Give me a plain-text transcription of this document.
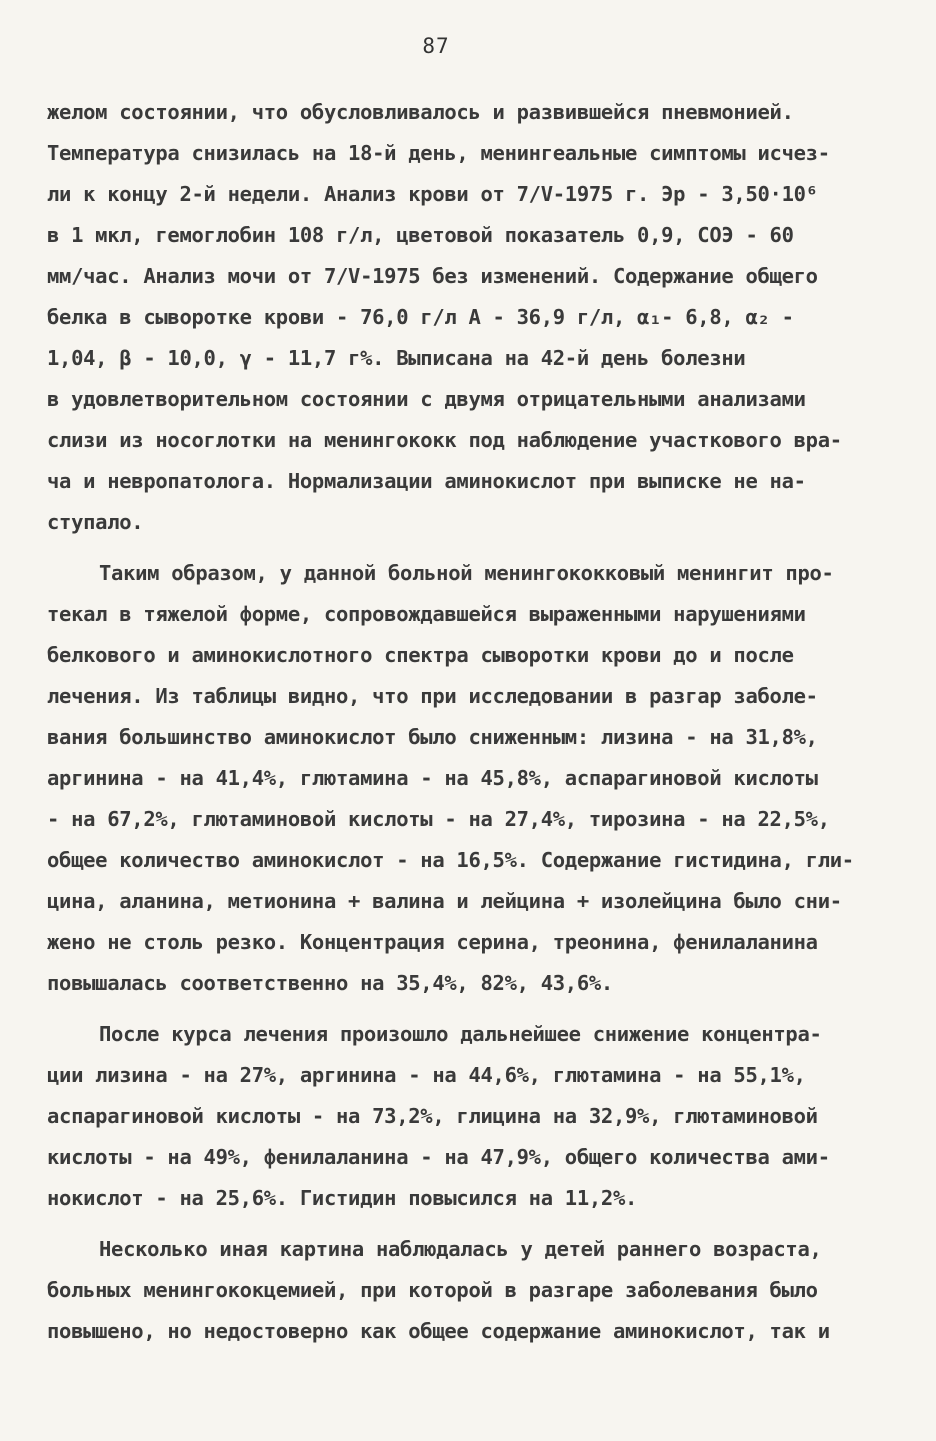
87
желом состоянии, что обусловливалось и развившейся пневмонией.
Температура снизилась на 18-й день, менингеальные симптомы исчез-
ли к концу 2-й недели. Анализ крови от 7/V-1975 г. Эр - 3,50·10⁶
в 1 мкл, гемоглобин 108 г/л, цветовой показатель 0,9, СОЭ - 60
мм/час. Анализ мочи от 7/V-1975 без изменений. Содержание общего
белка в сыворотке крови - 76,0 г/л А - 36,9 г/л, α₁- 6,8, α₂ -
1,04, β - 10,0, γ - 11,7 г%. Выписана на 42-й день болезни
в удовлетворительном состоянии с двумя отрицательными анализами
слизи из носоглотки на менингококк под наблюдение участкового вра-
ча и невропатолога. Нормализации аминокислот при выписке не на-
ступало.
Таким образом, у данной больной менингококковый менингит про-
текал в тяжелой форме, сопровождавшейся выраженными нарушениями
белкового и аминокислотного спектра сыворотки крови до и после
лечения. Из таблицы видно, что при исследовании в разгар заболе-
вания большинство аминокислот было сниженным: лизина - на 31,8%,
аргинина - на 41,4%, глютамина - на 45,8%, аспарагиновой кислоты
- на 67,2%, глютаминовой кислоты - на 27,4%, тирозина - на 22,5%,
общее количество аминокислот - на 16,5%. Содержание гистидина, гли-
цина, аланина, метионина + валина и лейцина + изолейцина было сни-
жено не столь резко. Концентрация серина, треонина, фенилаланина
повышалась соответственно на 35,4%, 82%, 43,6%.
После курса лечения произошло дальнейшее снижение концентра-
ции лизина - на 27%, аргинина - на 44,6%, глютамина - на 55,1%,
аспарагиновой кислоты - на 73,2%, глицина на 32,9%, глютаминовой
кислоты - на 49%, фенилаланина - на 47,9%, общего количества ами-
нокислот - на 25,6%. Гистидин повысился на 11,2%.
Несколько иная картина наблюдалась у детей раннего возраста,
больных менингококцемией, при которой в разгаре заболевания было
повышено, но недостоверно как общее содержание аминокислот, так и
